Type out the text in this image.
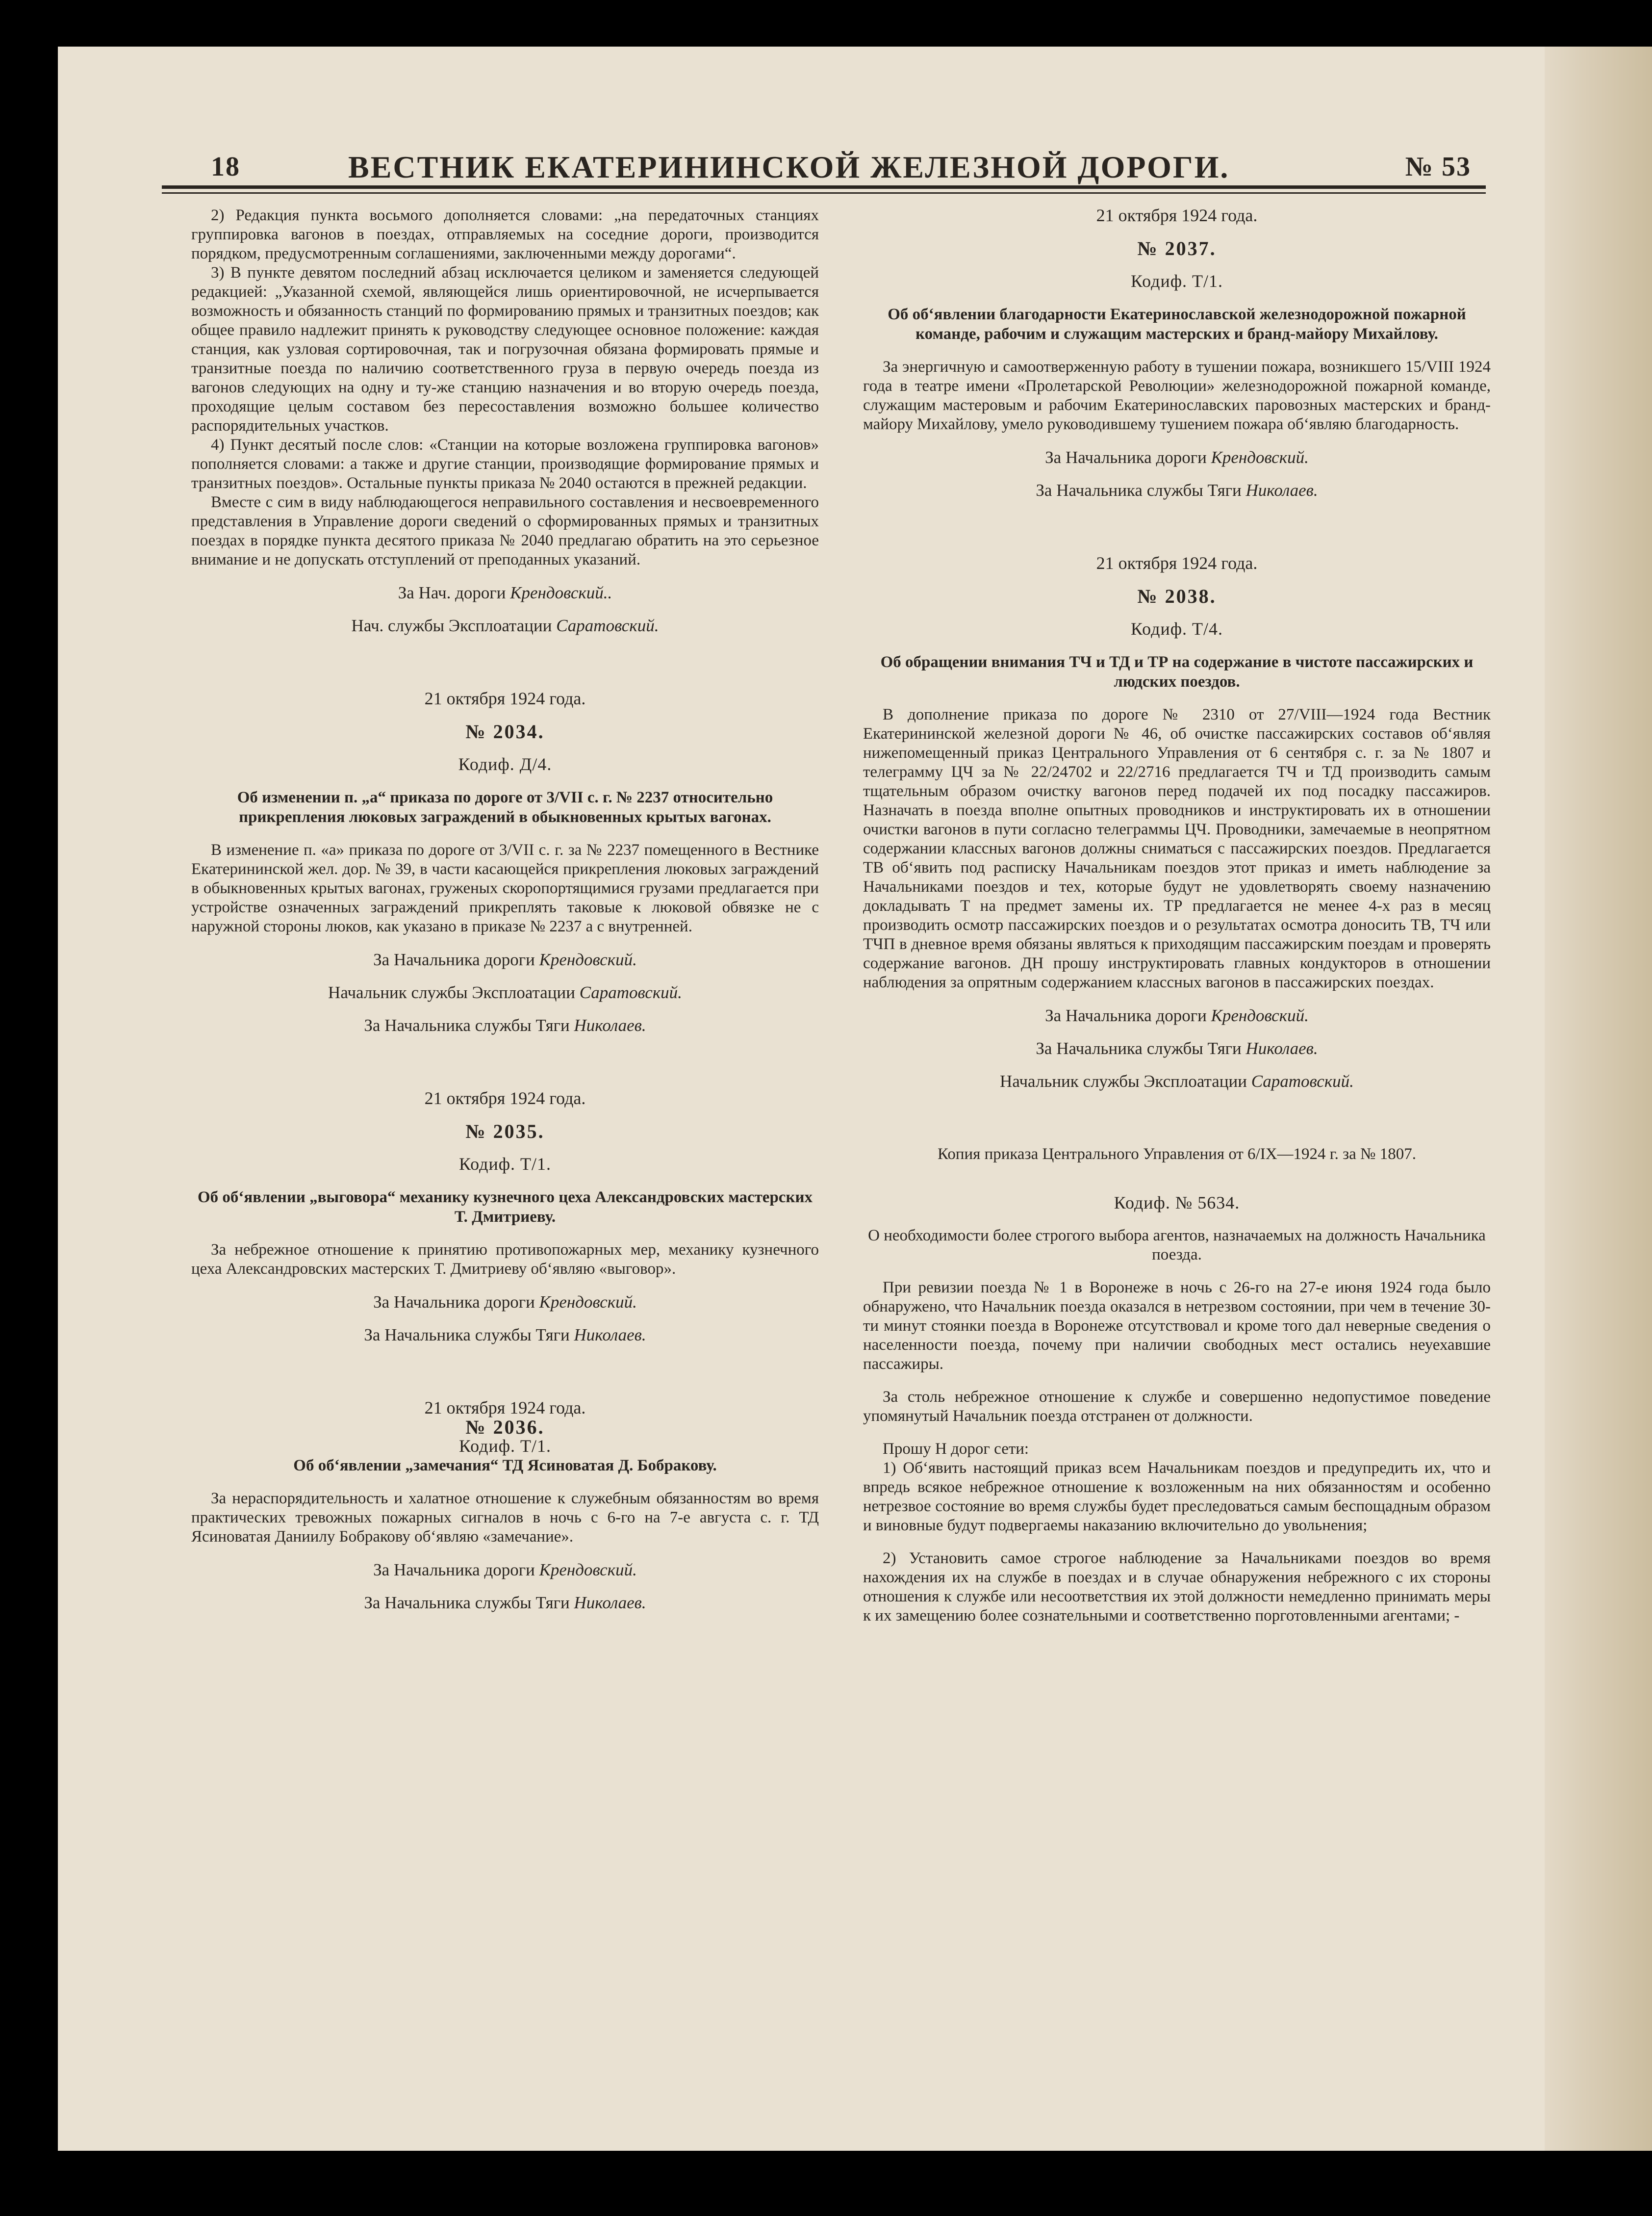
18	ВЕСТНИК ЕКАТЕРИНИНСКОЙ ЖЕЛЕЗНОЙ ДОРОГИ.	№ 53

2) Редакция пункта восьмого дополняется словами: „на передаточных станциях группировка вагонов в поездах, отправляемых на соседние дороги, производится порядком, предусмотренным соглашениями, заключенными между дорогами“.

3) В пункте девятом последний абзац исключается целиком и заменяется следующей редакцией: „Указанной схемой, являющейся лишь ориентировочной, не исчерпывается возможность и обязанность станций по формированию прямых и транзитных поездов; как общее правило надлежит принять к руководству следующее основное положение: каждая станция, как узловая сортировочная, так и погрузочная обязана формировать прямые и транзитные поезда по наличию соответственного груза в первую очередь поезда из вагонов следующих на одну и ту-же станцию назначения и во вторую очередь поезда, проходящие целым составом без пересоставления возможно большее количество распорядительных участков.

4) Пункт десятый после слов: «Станции на которые возложена группировка вагонов» пополняется словами: а также и другие станции, производящие формирование прямых и транзитных поездов». Остальные пункты приказа № 2040 остаются в прежней редакции.

Вместе с сим в виду наблюдающегося неправильного составления и несвоевременного представления в Управление дороги сведений о сформированных прямых и транзитных поездах в порядке пункта десятого приказа № 2040 предлагаю обратить на это серьезное внимание и не допускать отступлений от преподанных указаний.

За Нач. дороги Крендовский..

Нач. службы Эксплоатации Саратовский.

21 октября 1924 года.

№ 2034.

Кодиф. Д/4.

Об изменении п. „а“ приказа по дороге от 3/VII с. г. № 2237 относительно прикрепления люковых заграждений в обыкновенных крытых вагонах.

В изменение п. «а» приказа по дороге от 3/VII с. г. за № 2237 помещенного в Вестнике Екатерининской жел. дор. № 39, в части касающейся прикрепления люковых заграждений в обыкновенных крытых вагонах, груженых скоропортящимися грузами предлагается при устройстве означенных заграждений прикреплять таковые к люковой обвязке не с наружной стороны люков, как указано в приказе № 2237 а с внутренней.

За Начальника дороги Крендовский.

Начальник службы Эксплоатации Саратовский.

За Начальника службы Тяги Николаев.

21 октября 1924 года.

№ 2035.

Кодиф. Т/1.

Об об‘явлении „выговора“ механику кузнечного цеха Александровских мастерских Т. Дмитриеву.

За небрежное отношение к принятию противопожарных мер, механику кузнечного цеха Александровских мастерских Т. Дмитриеву об‘являю «выговор».

За Начальника дороги Крендовский.

За Начальника службы Тяги Николаев.

21 октября 1924 года.

№ 2036.

Кодиф. Т/1.

Об об‘явлении „замечания“ ТД Ясиноватая Д. Бобракову.

За нераспорядительность и халатное отношение к служебным обязанностям во время практических тревожных пожарных сигналов в ночь с 6-го на 7-е августа с. г. ТД Ясиноватая Даниилу Бобракову об‘являю «замечание».

За Начальника дороги Крендовский.

За Начальника службы Тяги Николаев.

21 октября 1924 года.

№ 2037.

Кодиф. Т/1.

Об об‘явлении благодарности Екатеринославской железнодорожной пожарной команде, рабочим и служащим мастерских и бранд-майору Михайлову.

За энергичную и самоотверженную работу в тушении пожара, возникшего 15/VIII 1924 года в театре имени «Пролетарской Революции» железнодорожной пожарной команде, служащим мастеровым и рабочим Екатеринославских паровозных мастерских и бранд-майору Михайлову, умело руководившему тушением пожара об‘являю благодарность.

За Начальника дороги Крендовский.

За Начальника службы Тяги Николаев.

21 октября 1924 года.

№ 2038.

Кодиф. Т/4.

Об обращении внимания ТЧ и ТД и ТР на содержание в чистоте пассажирских и людских поездов.

В дополнение приказа по дороге № 2310 от 27/VIII—1924 года Вестник Екатерининской железной дороги № 46, об очистке пассажирских составов об‘являя нижепомещенный приказ Центрального Управления от 6 сентября с. г. за № 1807 и телеграмму ЦЧ за № 22/24702 и 22/2716 предлагается ТЧ и ТД производить самым тщательным образом очистку вагонов перед подачей их под посадку пассажиров. Назначать в поезда вполне опытных проводников и инструктировать их в отношении очистки вагонов в пути согласно телеграммы ЦЧ. Проводники, замечаемые в неопрятном содержании классных вагонов должны сниматься с пассажирских поездов. Предлагается ТВ об‘явить под расписку Начальникам поездов этот приказ и иметь наблюдение за Начальниками поездов и тех, которые будут не удовлетворять своему назначению докладывать Т на предмет замены их. ТР предлагается не менее 4-х раз в месяц производить осмотр пассажирских поездов и о результатах осмотра доносить ТВ, ТЧ или ТЧП в дневное время обязаны являться к приходящим пассажирским поездам и проверять содержание вагонов. ДН прошу инструктировать главных кондукторов в отношении наблюдения за опрятным содержанием классных вагонов в пассажирских поездах.

За Начальника дороги Крендовский.

За Начальника службы Тяги Николаев.

Начальник службы Эксплоатации Саратовский.

Копия приказа Центрального Управления от 6/IX—1924 г. за № 1807.

Кодиф. № 5634.

О необходимости более строгого выбора агентов, назначаемых на должность Начальника поезда.

При ревизии поезда № 1 в Воронеже в ночь с 26-го на 27-е июня 1924 года было обнаружено, что Начальник поезда оказался в нетрезвом состоянии, при чем в течение 30-ти минут стоянки поезда в Воронеже отсутствовал и кроме того дал неверные сведения о населенности поезда, почему при наличии свободных мест остались неуехавшие пассажиры.

За столь небрежное отношение к службе и совершенно недопустимое поведение упомянутый Начальник поезда отстранен от должности.

Прошу Н дорог сети:

1) Об‘явить настоящий приказ всем Начальникам поездов и предупредить их, что и впредь всякое небрежное отношение к возложенным на них обязанностям и особенно нетрезвое состояние во время службы будет преследоваться самым беспощадным образом и виновные будут подвергаемы наказанию включительно до увольнения;

2) Установить самое строгое наблюдение за Начальниками поездов во время нахождения их на службе в поездах и в случае обнаружения небрежного с их стороны отношения к службе или несоответствия их этой должности немедленно принимать меры к их замещению более сознательными и соответственно порготовленными агентами; -
